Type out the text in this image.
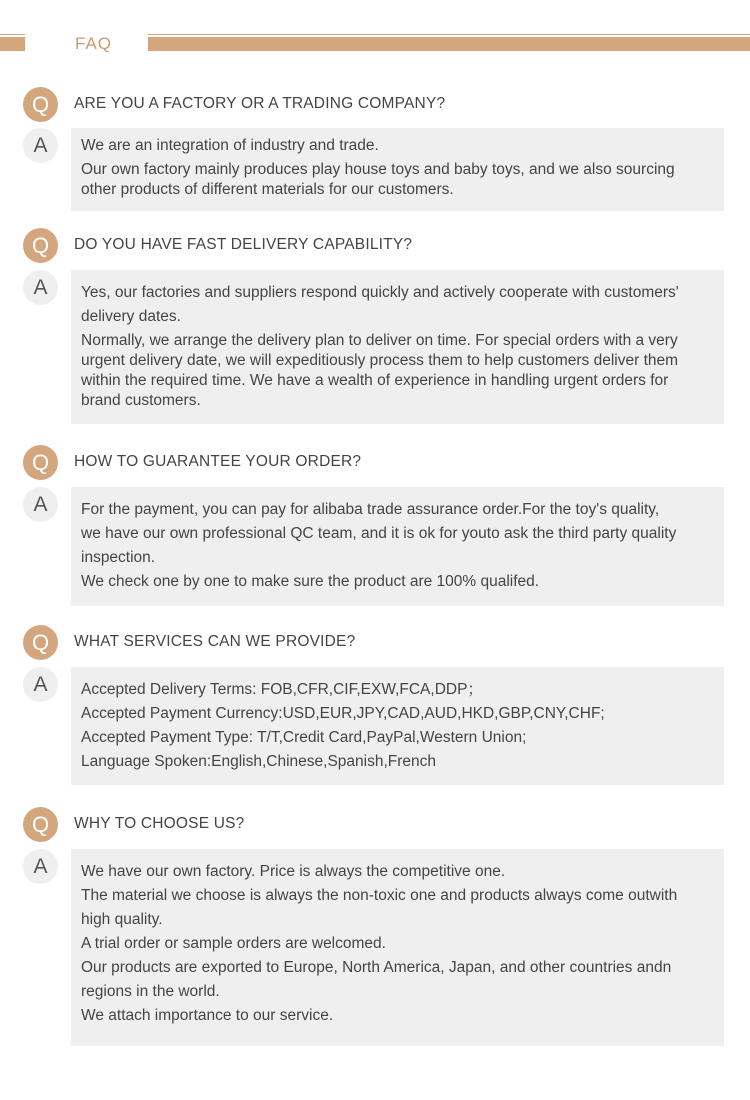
FAQ
Q	ARE YOU A FACTORY OR A TRADING COMPANY?
A	We are an integration of industry and trade.
Our own factory mainly produces play house toys and baby toys, and we also sourcing
other products of different materials for our customers.
Q	DO YOU HAVE FAST DELIVERY CAPABILITY?
A	Yes, our factories and suppliers respond quickly and actively cooperate with customers'
delivery dates.
Normally, we arrange the delivery plan to deliver on time. For special orders with a very
urgent delivery date, we will expeditiously process them to help customers deliver them
within the required time. We have a wealth of experience in handling urgent orders for
brand customers.
Q	HOW TO GUARANTEE YOUR ORDER?
A	For the payment, you can pay for alibaba trade assurance order.For the toy's quality,
we have our own professional QC team, and it is ok for youto ask the third party quality
inspection.
We check one by one to make sure the product are 100% qualifed.
Q	WHAT SERVICES CAN WE PROVIDE?
A	Accepted Delivery Terms: FOB,CFR,CIF,EXW,FCA,DDP；
Accepted Payment Currency:USD,EUR,JPY,CAD,AUD,HKD,GBP,CNY,CHF;
Accepted Payment Type: T/T,Credit Card,PayPal,Western Union;
Language Spoken:English,Chinese,Spanish,French
Q	WHY TO CHOOSE US?
A	We have our own factory. Price is always the competitive one.
The material we choose is always the non-toxic one and products always come outwith
high quality.
A trial order or sample orders are welcomed.
Our products are exported to Europe, North America, Japan, and other countries andn
regions in the world.
We attach importance to our service.
